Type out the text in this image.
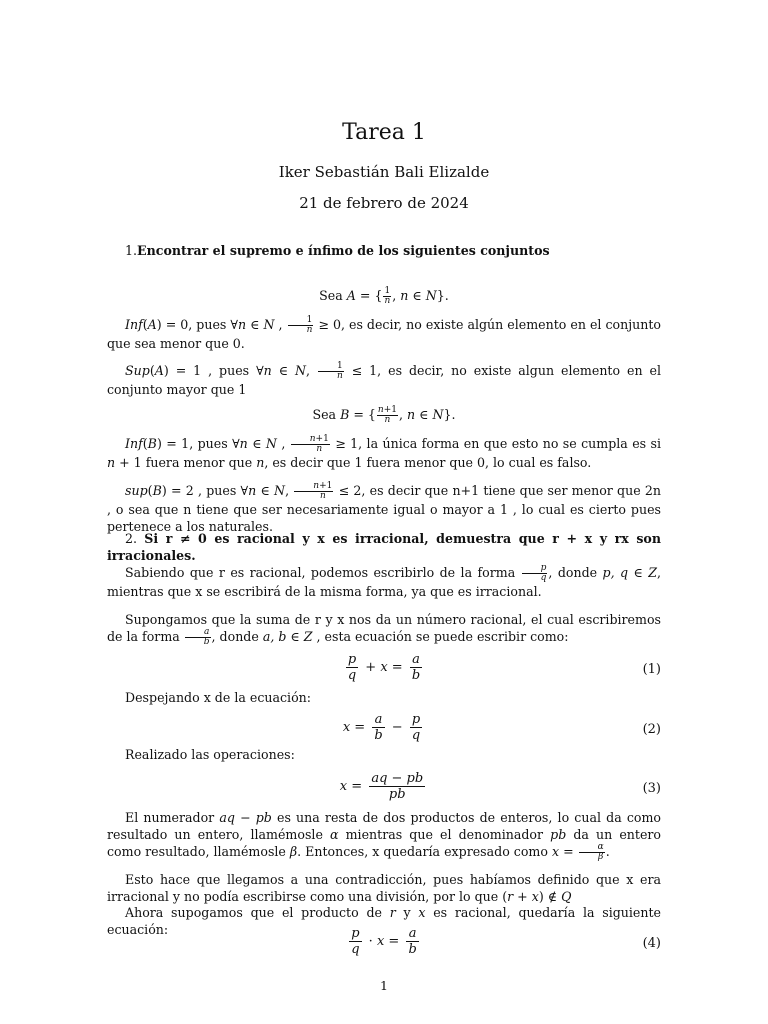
Tarea 1
Iker Sebastián Bali Elizalde
21 de febrero de 2024
1.Encontrar el supremo e ínfimo de los siguientes conjuntos
Sea A = { $\frac{1}{n}$ , n ∈ N}.
Inf(A) = 0, pues ∀n ∈ N , $\frac{1}{n} \ge 0$, es decir, no existe algún elemento en el conjunto que sea menor que 0.
Sup(A) = 1 , pues ∀n ∈ N, $\frac{1}{n} \le 1$, es decir, no existe algun elemento en el conjunto mayor que 1
Sea B = { $\frac{n+1}{n}$ , n ∈ N}.
Inf(B) = 1, pues ∀n ∈ N , $\frac{n+1}{n} \ge 1$, la única forma en que esto no se cumpla es si n + 1 fuera menor que n, es decir que 1 fuera menor que 0, lo cual es falso.
sup(B) = 2 , pues ∀n ∈ N, $\frac{n+1}{n} \le 2$, es decir que n+1 tiene que ser menor que 2n , o sea que n tiene que ser necesariamente igual o mayor a 1 , lo cual es cierto pues pertenece a los naturales.
2. Si r ≠ 0 es racional y x es irracional, demuestra que r + x y rx son irracionales.
Sabiendo que r es racional, podemos escribirlo de la forma $\frac{p}{q}$ , donde p, q ∈ Z, mientras que x se escribirá de la misma forma, ya que es irracional.
Supongamos que la suma de r y x nos da un número racional, el cual escribiremos de la forma $\frac{a}{b}$ , donde a, b ∈ Z , esta ecuación se puede escribir como:
$\frac{p}{q} + x = \frac{a}{b}$	(1)
Despejando x de la ecuación:
$x = \frac{a}{b} - \frac{p}{q}$	(2)
Realizado las operaciones:
$x = \frac{aq - pb}{pb}$	(3)
El numerador aq − pb es una resta de dos productos de enteros, lo cual da como resultado un entero, llamémosle α mientras que el denominador pb da un entero como resultado, llamémosle β. Entonces, x quedaría expresado como $x = \frac{\alpha}{\beta}$ .
Esto hace que llegamos a una contradicción, pues habíamos definido que x era irracional y no podía escribirse como una división, por lo que (r + x) ∉ Q
Ahora supogamos que el producto de r y x es racional, quedaría la siguiente ecuación:	$\frac{p}{q} \cdot x = \frac{a}{b}$	(4)
1
